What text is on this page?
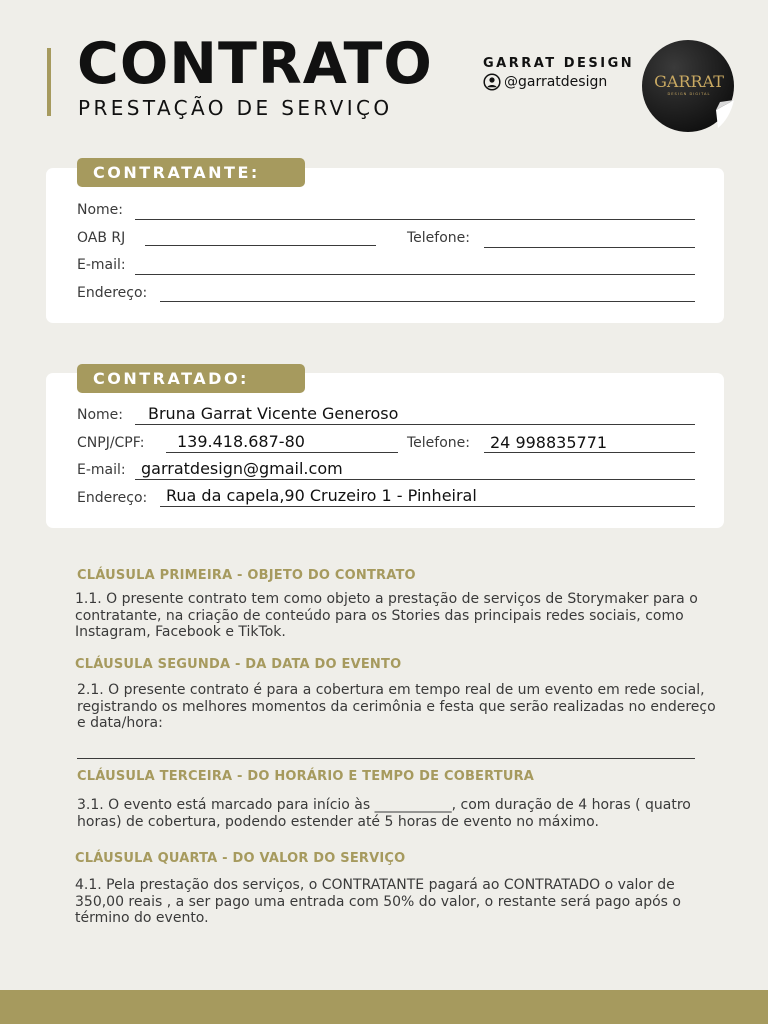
CONTRATO
PRESTAÇÃO DE SERVIÇO
GARRAT DESIGN
@garratdesign	GARRAT
DESIGN DIGITAL
CONTRATANTE:
Nome:
OAB RJ	Telefone:
E-mail:
Endereço:
CONTRATADO:
Nome: Bruna Garrat Vicente Generoso
CNPJ/CPF: 139.418.687-80	Telefone: 24 998835771
E-mail: garratdesign@gmail.com
Endereço: Rua da capela,90 Cruzeiro 1 - Pinheiral
CLÁUSULA PRIMEIRA - OBJETO DO CONTRATO
1.1. O presente contrato tem como objeto a prestação de serviços de Storymaker para o contratante, na criação de conteúdo para os Stories das principais redes sociais, como Instagram, Facebook e TikTok.
CLÁUSULA SEGUNDA - DA DATA DO EVENTO
2.1. O presente contrato é para a cobertura em tempo real de um evento em rede social, registrando os melhores momentos da cerimônia e festa que serão realizadas no endereço e data/hora:
CLÁUSULA TERCEIRA - DO HORÁRIO E TEMPO DE COBERTURA
3.1. O evento está marcado para início às ___________, com duração de 4 horas ( quatro horas) de cobertura, podendo estender até 5 horas de evento no máximo.
CLÁUSULA QUARTA - DO VALOR DO SERVIÇO
4.1. Pela prestação dos serviços, o CONTRATANTE pagará ao CONTRATADO o valor de 350,00 reais , a ser pago uma entrada com 50% do valor, o restante será pago após o término do evento.
